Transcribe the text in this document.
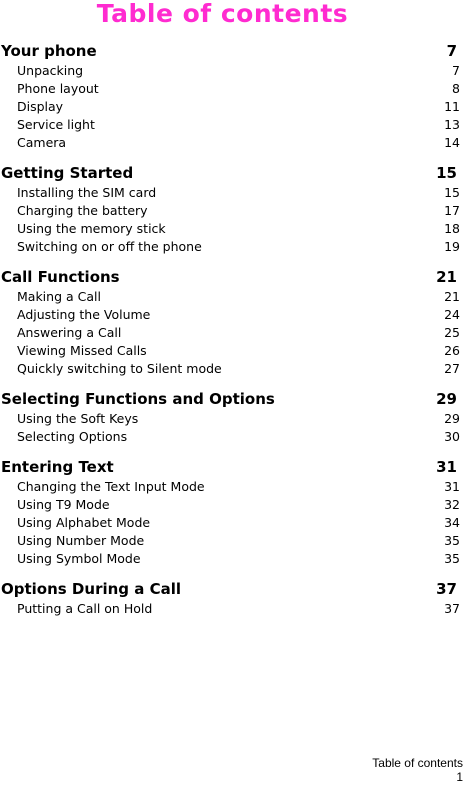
Table of contents
Your phone	7
Unpacking	7
Phone layout	8
Display	11
Service light	13
Camera	14
Getting Started	15
Installing the SIM card	15
Charging the battery	17
Using the memory stick	18
Switching on or off the phone	19
Call Functions	21
Making a Call	21
Adjusting the Volume	24
Answering a Call	25
Viewing Missed Calls	26
Quickly switching to Silent mode	27
Selecting Functions and Options	29
Using the Soft Keys	29
Selecting Options	30
Entering Text	31
Changing the Text Input Mode	31
Using T9 Mode	32
Using Alphabet Mode	34
Using Number Mode	35
Using Symbol Mode	35
Options During a Call	37
Putting a Call on Hold	37
Table of contents
1
